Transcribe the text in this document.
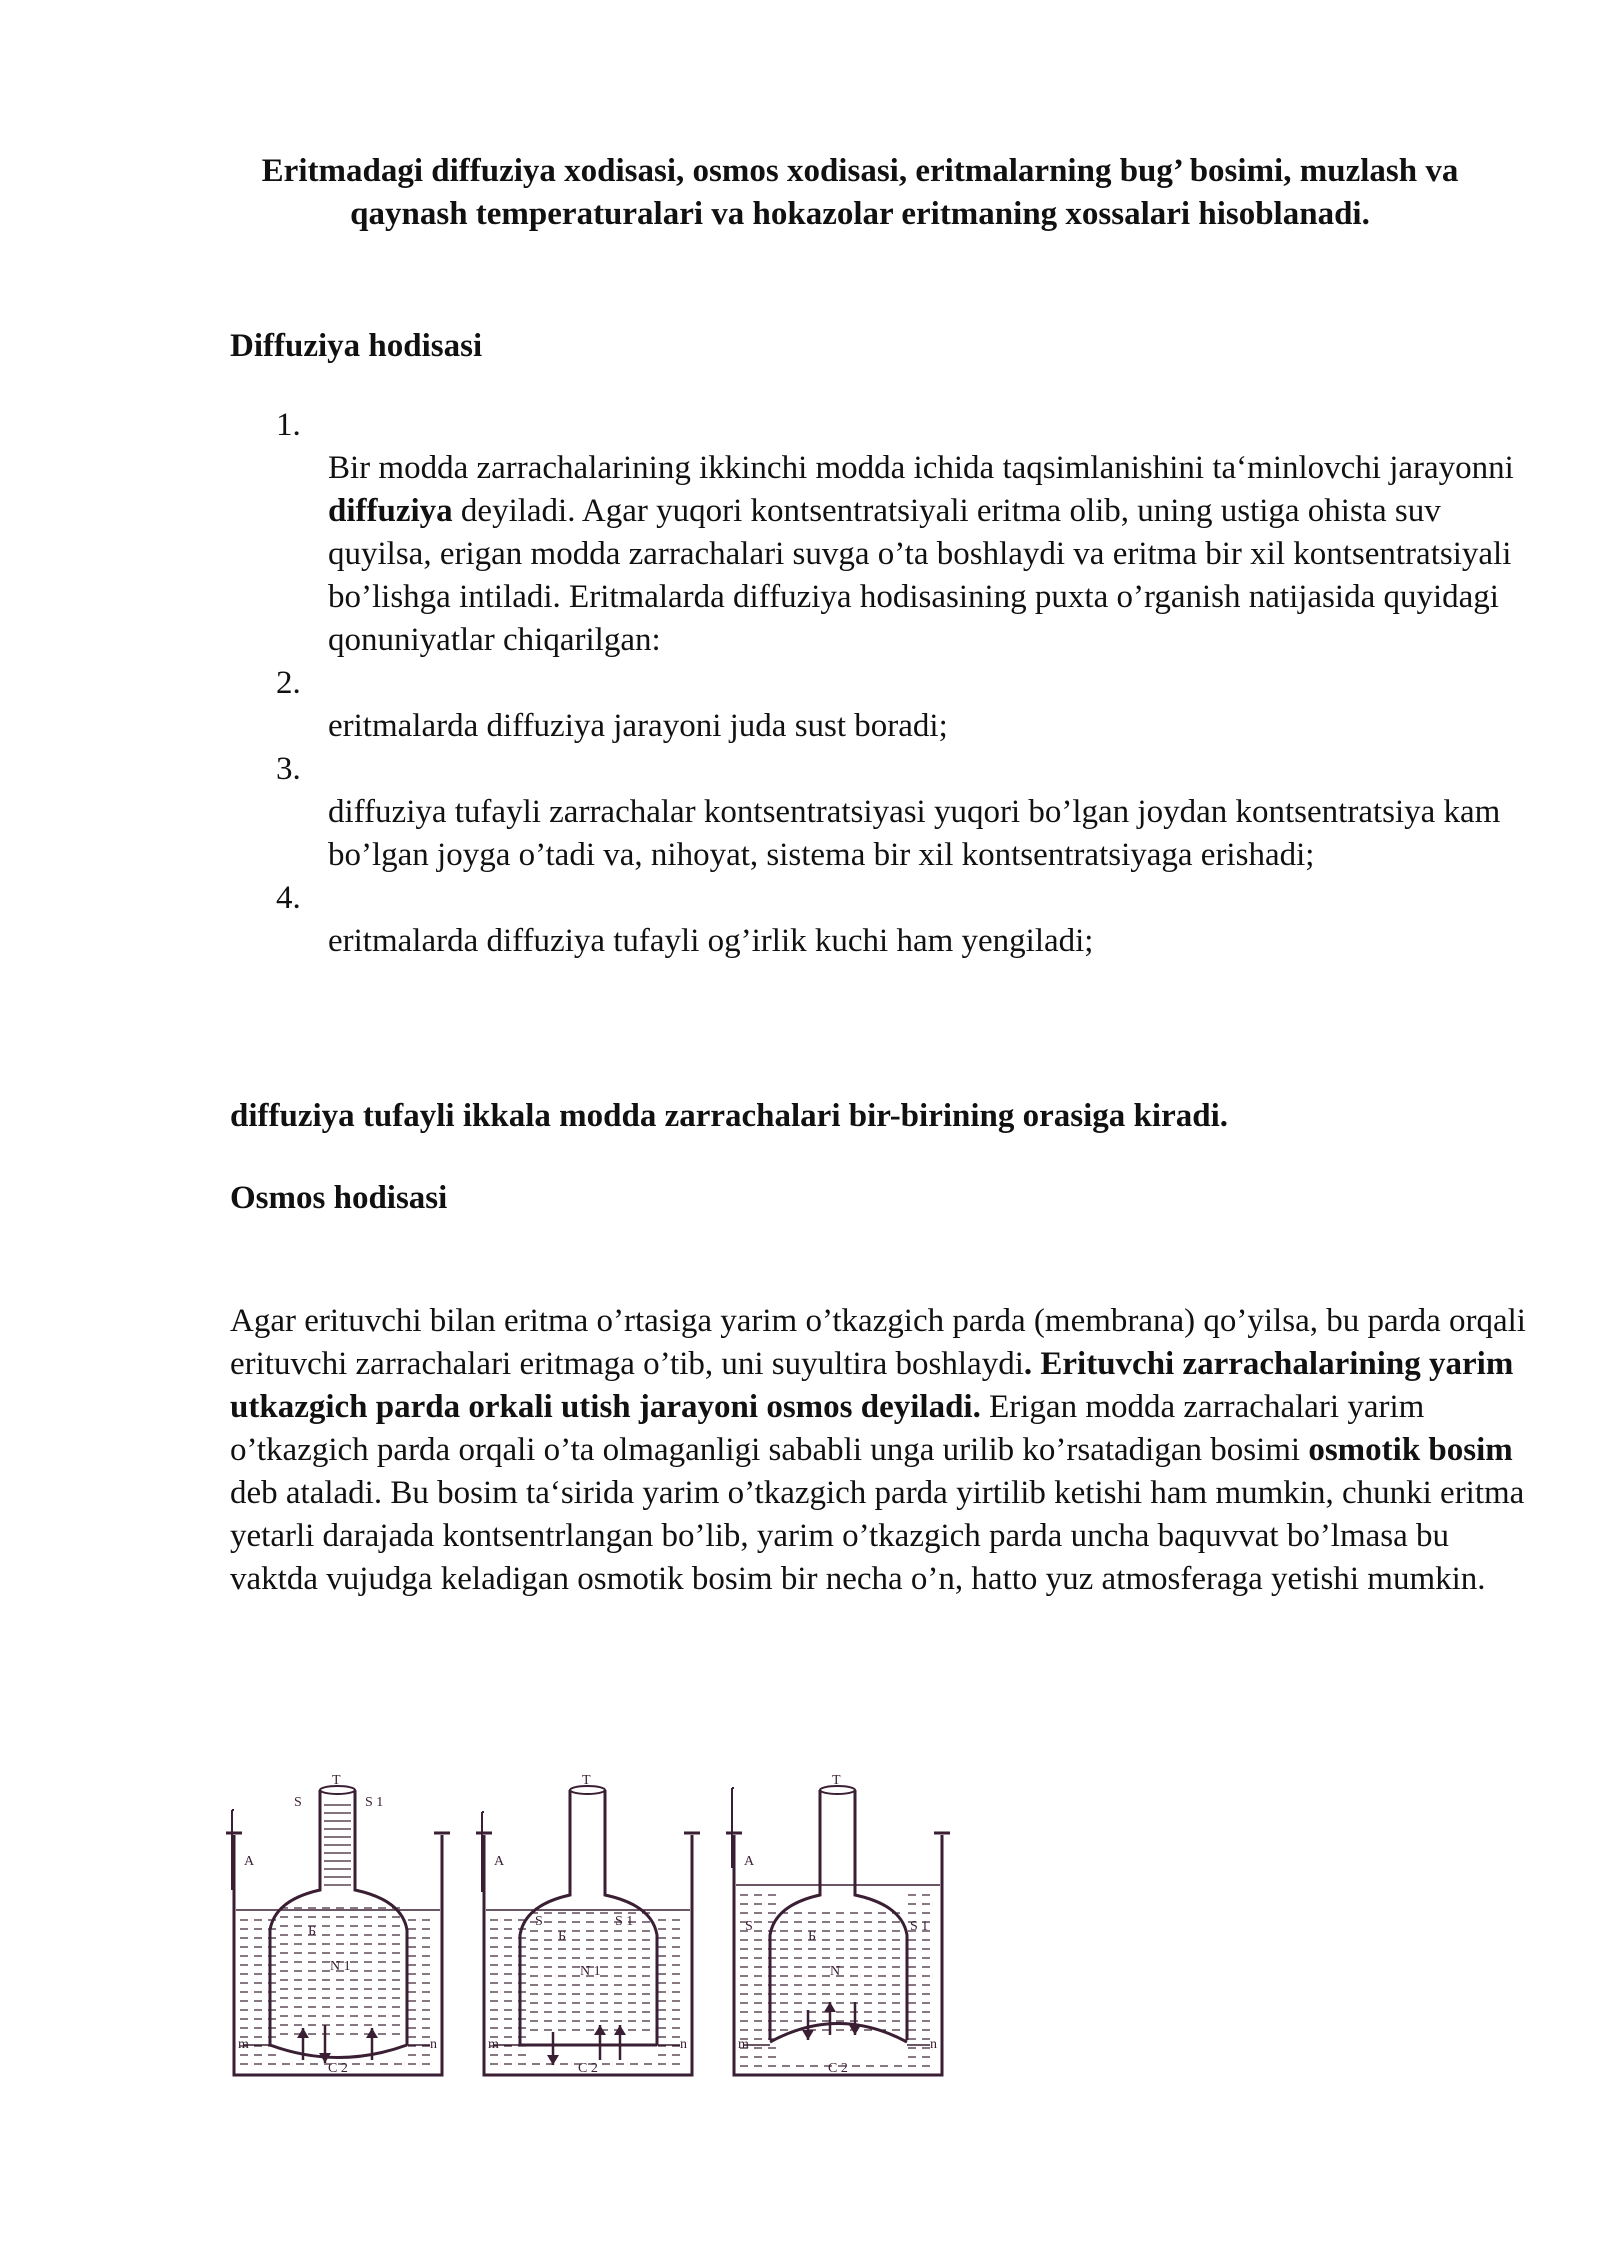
Eritmadagi diffuziya xodisasi, osmos xodisasi, eritmalarning bug’ bosimi, muzlash va qaynash temperaturalari va hokazolar eritmaning xossalari hisoblanadi.
Diffuziya hodisasi
1.
Bir modda zarrachalarining ikkinchi modda ichida taqsimlanishini ta‘minlovchi jarayonni diffuziya deyiladi. Agar yuqori kontsentratsiyali eritma olib, uning ustiga ohista suv quyilsa, erigan modda zarrachalari suvga o’ta boshlaydi va eritma bir xil kontsentratsiyali bo’lishga intiladi. Eritmalarda diffuziya hodisasining puxta o’rganish natijasida quyidagi qonuniyatlar chiqarilgan:
2.
eritmalarda diffuziya jarayoni juda sust boradi;
3.
diffuziya tufayli zarrachalar kontsentratsiyasi yuqori bo’lgan joydan kontsentratsiya kam bo’lgan joyga o’tadi va, nihoyat, sistema bir xil kontsentratsiyaga erishadi;
4.
eritmalarda diffuziya tufayli og’irlik kuchi ham yengiladi;
diffuziya tufayli ikkala modda zarrachalari bir-birining orasiga kiradi.
Osmos hodisasi
Agar erituvchi bilan eritma o’rtasiga yarim o’tkazgich parda (membrana) qo’yilsa, bu parda orqali erituvchi zarrachalari eritmaga o’tib, uni suyultira boshlaydi. Erituvchi zarrachalarining yarim utkazgich parda orkali utish jarayoni osmos deyiladi. Erigan modda zarrachalari yarim o’tkazgich parda orqali o’ta olmaganligi sababli unga urilib ko’rsatadigan bosimi osmotik bosim deb ataladi. Bu bosim ta‘sirida yarim o’tkazgich parda yirtilib ketishi ham mumkin, chunki eritma yetarli darajada kontsentrlangan bo’lib, yarim o’tkazgich parda uncha baquvvat bo’lmasa bu vaktda vujudga keladigan osmotik bosim bir necha o’n, hatto yuz atmosferaga yetishi mumkin.
T
S	S 1
A
Б
N 1
m	n
C 2
T
S	S 1
A
Б
N 1
m	n
C 2
T
S	S 1
A
Б
N
m	n
C 2
